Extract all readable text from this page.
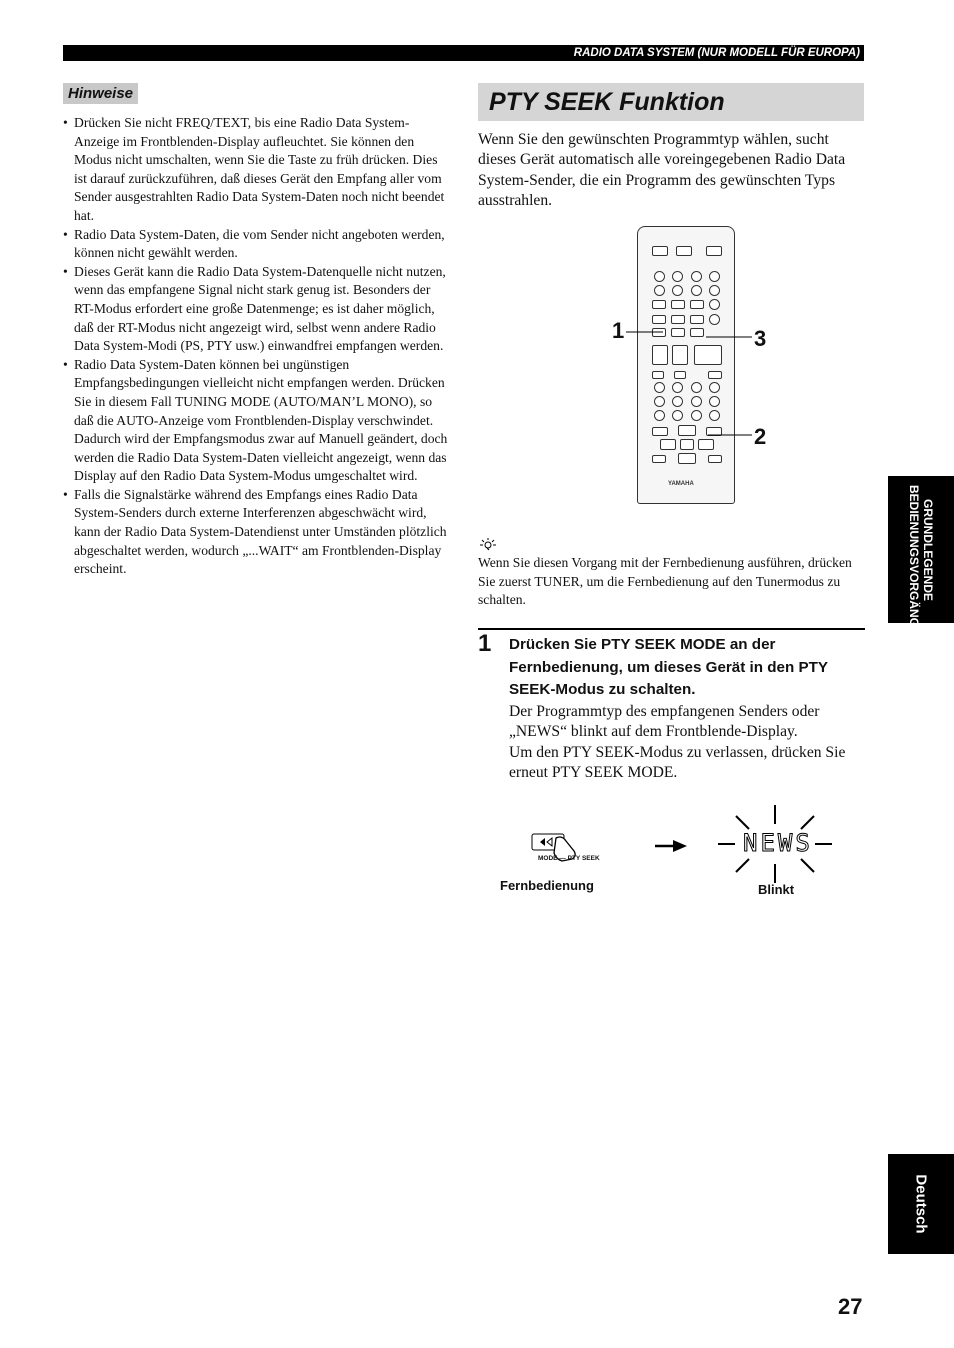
RADIO DATA SYSTEM (NUR MODELL FÜR EUROPA)
Hinweise
• Drücken Sie nicht FREQ/TEXT, bis eine Radio Data System-Anzeige im Frontblenden-Display aufleuchtet. Sie können den Modus nicht umschalten, wenn Sie die Taste zu früh drücken. Dies ist darauf zurückzuführen, daß dieses Gerät den Empfang aller vom Sender ausgestrahlten Radio Data System-Daten noch nicht beendet hat.
• Radio Data System-Daten, die vom Sender nicht angeboten werden, können nicht gewählt werden.
• Dieses Gerät kann die Radio Data System-Datenquelle nicht nutzen, wenn das empfangene Signal nicht stark genug ist. Besonders der RT-Modus erfordert eine große Datenmenge; es ist daher möglich, daß der RT-Modus nicht angezeigt wird, selbst wenn andere Radio Data System-Modi (PS, PTY usw.) einwandfrei empfangen werden.
• Radio Data System-Daten können bei ungünstigen Empfangsbedingungen vielleicht nicht empfangen werden. Drücken Sie in diesem Fall TUNING MODE (AUTO/MAN’L MONO), so daß die AUTO-Anzeige vom Frontblenden-Display verschwindet. Dadurch wird der Empfangsmodus zwar auf Manuell geändert, doch werden die Radio Data System-Daten vielleicht angezeigt, wenn das Display auf den Radio Data System-Modus umgeschaltet wird.
• Falls die Signalstärke während des Empfangs eines Radio Data System-Senders durch externe Interferenzen abgeschwächt wird, kann der Radio Data System-Datendienst unter Umständen plötzlich abgeschaltet werden, wodurch „...WAIT“ am Frontblenden-Display erscheint.
PTY SEEK Funktion
Wenn Sie den gewünschten Programmtyp wählen, sucht dieses Gerät automatisch alle voreingegebenen Radio Data System-Sender, die ein Programm des gewünschten Typs ausstrahlen.
YAMAHA
1	3
2
Wenn Sie diesen Vorgang mit der Fernbedienung ausführen, drücken Sie zuerst TUNER, um die Fernbedienung auf den Tunermodus zu schalten.
1 Drücken Sie PTY SEEK MODE an der Fernbedienung, um dieses Gerät in den PTY SEEK-Modus zu schalten.
Der Programmtyp des empfangenen Senders oder „NEWS“ blinkt auf dem Frontblende-Display.
Um den PTY SEEK-Modus zu verlassen, drücken Sie erneut PTY SEEK MODE.
MODE — PTY SEEK
NEWS
Fernbedienung	Blinkt
GRUNDLEGENDE BEDIENUNGSVORGÄNGE
Deutsch
27
